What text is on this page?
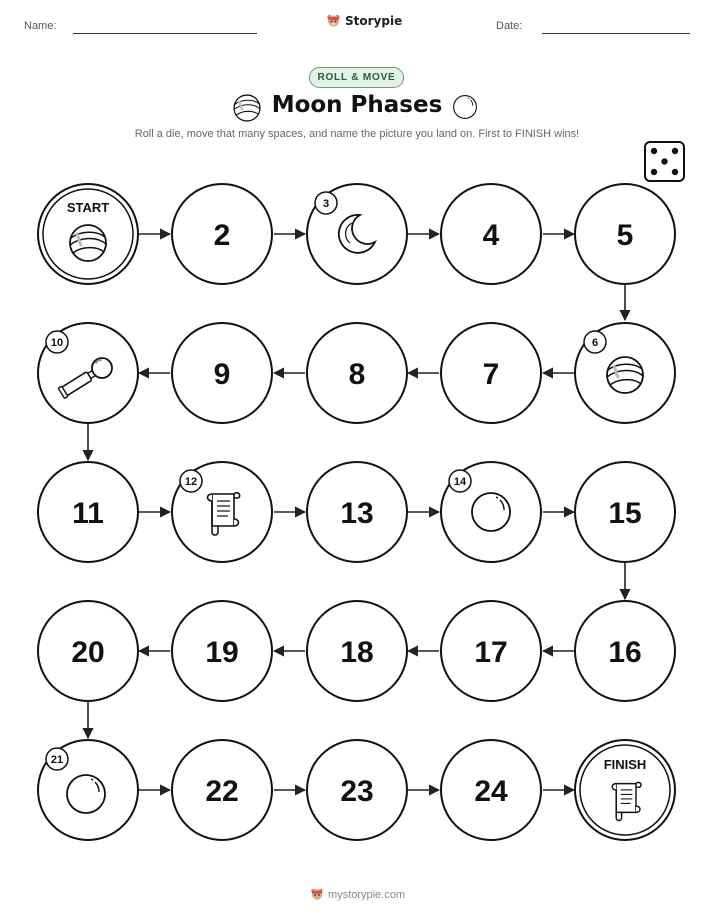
Name:	Storypie	Date:
ROLL & MOVE
START
2
3
4	5
10
9	8	7
6
11
12
13
14
15
20	19	18	17	16
21
22	23	24
FINISH
Moon Phases
Roll a die, move that many spaces, and name the picture you land on. First to FINISH wins!
mystorypie.com
